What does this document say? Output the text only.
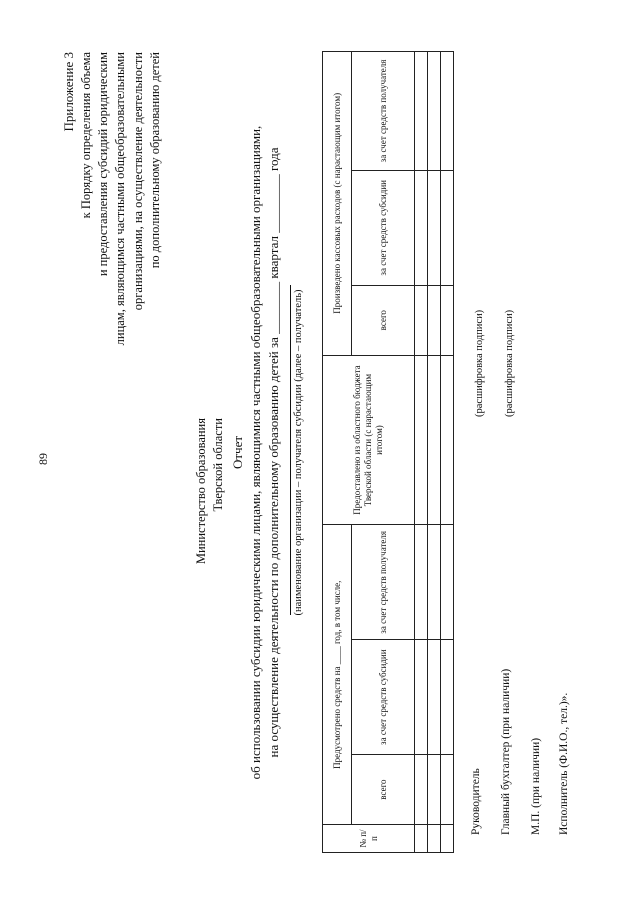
89
Приложение 3 к Порядку определения объема и предоставления субсидий юридическим лицам, являющимся частными общеобразовательными организациями, на осуществление деятельности по дополнительному образованию детей
Министерство образования Тверской области Отчет об использовании субсидии юридическими лицами, являющимися частными общеобразовательными организациями, на осуществление деятельности по дополнительному образованию детей за ________ квартал _________ года (наименование организации – получателя субсидии (далее – получатель)
№ п/п	Предусмотрено средств на ____ год, в том числе,			Предоставлено из областного бюджета Тверской области (с нарастающим итогом)	Произведено кассовых расходов (с нарастающим итогом)		
	всего	за счет средств субсидии	за счет средств получателя		всего	за счет средств субсидии	за счет средств получателя

Руководитель
(расшифровка подписи)
Главный бухгалтер (при наличии)
(расшифровка подписи)
М.П. (при наличии) Исполнитель (Ф.И.О., тел.)».
